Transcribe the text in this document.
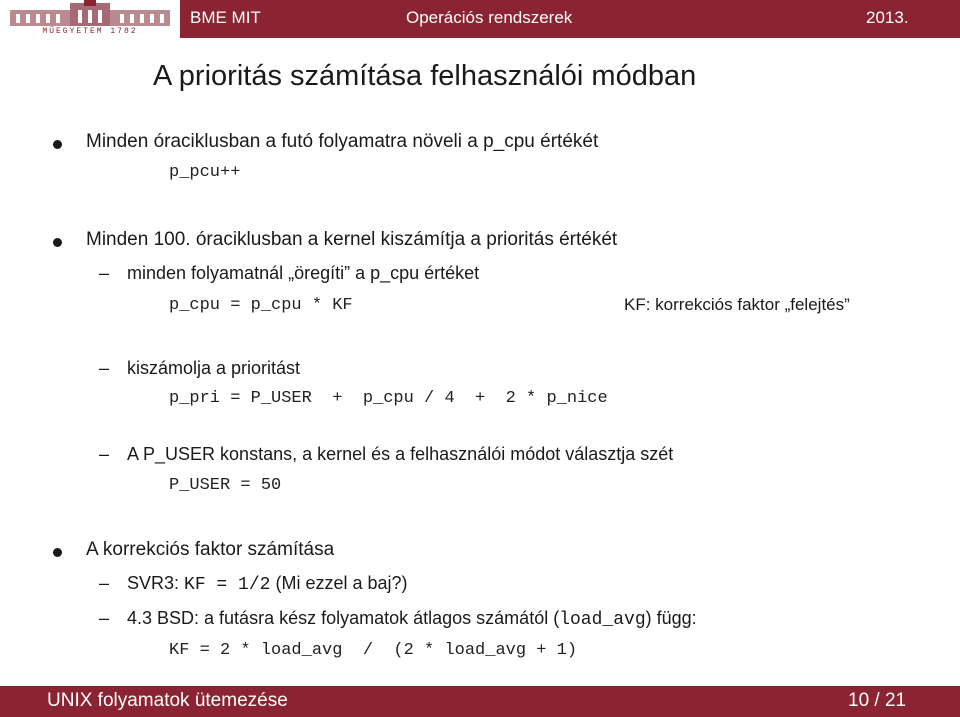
MŰEGYETEM 1782
BME MIT	Operációs rendszerek	2013.
A prioritás számítása felhasználói módban
Minden óraciklusban a futó folyamatra növeli a p_cpu értékét
p_pcu++
Minden 100. óraciklusban a kernel kiszámítja a prioritás értékét
– minden folyamatnál „öregíti” a p_cpu értéket
p_cpu = p_cpu * KF	KF: korrekciós faktor „felejtés”
– kiszámolja a prioritást
p_pri = P_USER  +  p_cpu / 4  +  2 * p_nice
– A P_USER konstans, a kernel és a felhasználói módot választja szét
P_USER = 50
A korrekciós faktor számítása
– SVR3: KF = 1/2 (Mi ezzel a baj?)
– 4.3 BSD: a futásra kész folyamatok átlagos számától (load_avg) függ:
KF = 2 * load_avg  /  (2 * load_avg + 1)
UNIX folyamatok ütemezése	10 / 21
